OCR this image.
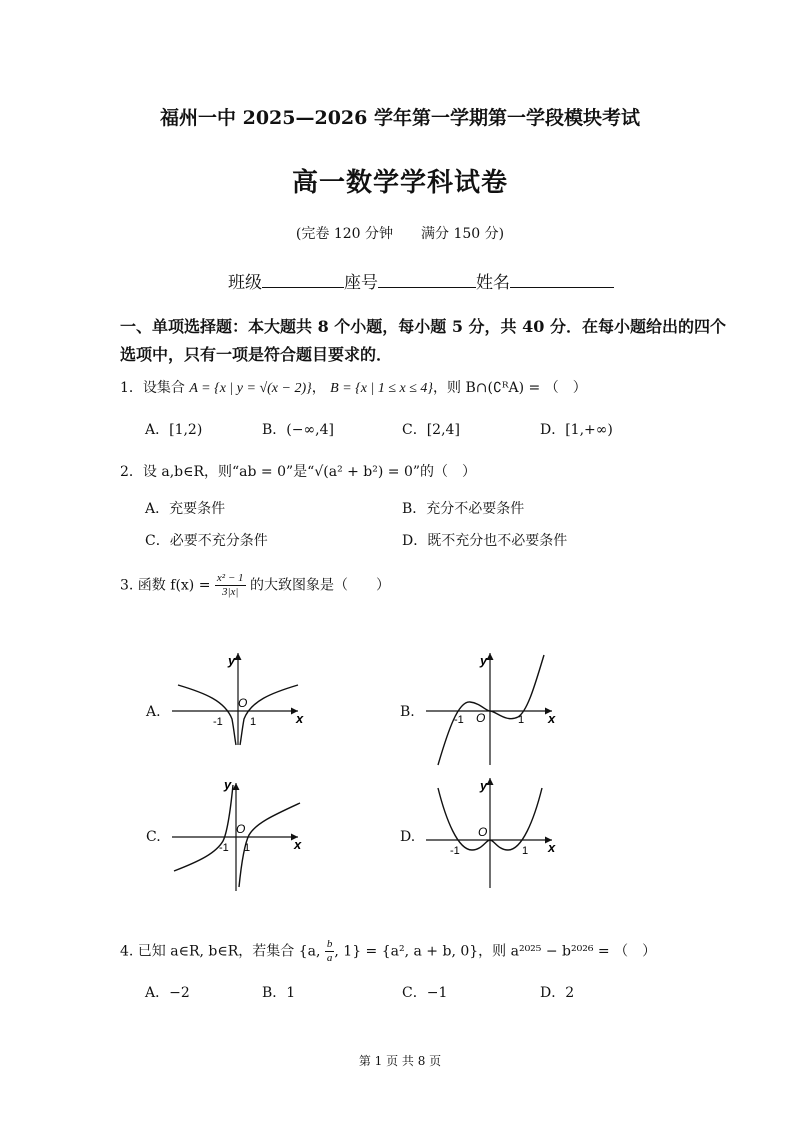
福州一中 2025—2026 学年第一学期第一学段模块考试
高一数学学科试卷
(完卷 120 分钟　　满分 150 分)
班级	座号	姓名
一、单项选择题：本大题共 8 个小题，每小题 5 分，共 40 分．在每小题给出的四个
选项中，只有一项是符合题目要求的．
1．设集合 A = {x | y = √(x − 2)}， B = {x | 1 ≤ x ≤ 4}，则 B∩(∁ᴿA) = （　）
A．[1,2)	B．(−∞,4]	C．[2,4]	D．[1,+∞)
2．设 a,b∈R，则“ab = 0”是“√(a² + b²) = 0”的（　）
A．充要条件	B．充分不必要条件
C．必要不充分条件	D．既不充分也不必要条件
3. 函数 $f(x) = \frac{\text{x² − 1}}{3|x|}$ 的大致图象是（　　）
A.	B.
C.	D.
y
x
O
-1 1
y
x
O
-1	1
y
x
O
-1 1
y
x
O
-1	1
4. 已知 a∈R, b∈R，若集合 {a, $\frac{b}{a}$ , 1} = {a², a + b, 0}，则 a²⁰²⁵ − b²⁰²⁶ = （　）
A．−2	B．1	C．−1	D．2
第 1 页 共 8 页
